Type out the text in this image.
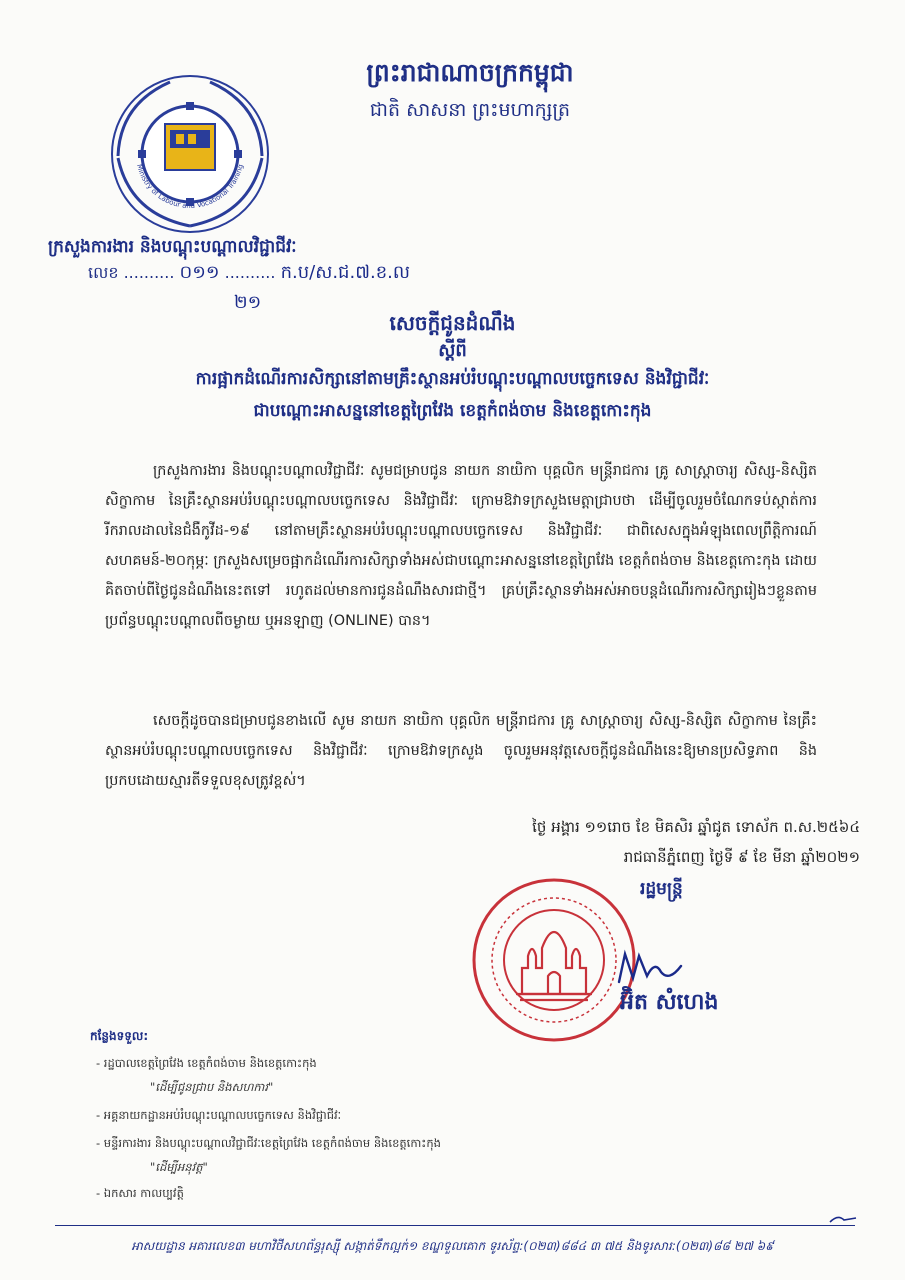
ព្រះរាជាណាចក្រកម្ពុជា
ជាតិ សាសនា ព្រះមហាក្សត្រ
Ministry of Labour and Vocational Training
ក្រសួងការងារ និងបណ្តុះបណ្តាលវិជ្ជាជីវៈ
លេខ .......... ០១១ .......... ក.ប/ស.ជ.៧.ខ.ល
២១
សេចក្តីជូនដំណឹង
ស្តីពី
ការផ្អាកដំណើរការសិក្សានៅតាមគ្រឹះស្ថានអប់រំបណ្តុះបណ្តាលបច្ចេកទេស និងវិជ្ជាជីវៈ
ជាបណ្តោះអាសន្ននៅខេត្តព្រៃវែង ខេត្តកំពង់ចាម និងខេត្តកោះកុង
ក្រសួងការងារ និងបណ្តុះបណ្តាលវិជ្ជាជីវៈ សូមជម្រាបជូន នាយក នាយិកា បុគ្គលិក មន្ត្រីរាជការ គ្រូ សាស្ត្រាចារ្យ សិស្ស-និស្សិត សិក្ខាកាម នៃគ្រឹះស្ថានអប់រំបណ្តុះបណ្តាលបច្ចេកទេស និងវិជ្ជាជីវៈ ក្រោមឱវាទក្រសួងមេត្តាជ្រាបថា ដើម្បីចូលរួមចំណែកទប់ស្កាត់ការរីករាលដាលនៃជំងឺកូវីដ-១៩ នៅតាមគ្រឹះស្ថានអប់រំបណ្តុះបណ្តាលបច្ចេកទេស និងវិជ្ជាជីវៈ ជាពិសេសក្នុងអំឡុងពេលព្រឹត្តិការណ៍សហគមន៍-២០កុម្ភៈ ក្រសួងសម្រេចផ្អាកដំណើរការសិក្សាទាំងអស់ជាបណ្តោះអាសន្ននៅខេត្តព្រៃវែង ខេត្តកំពង់ចាម និងខេត្តកោះកុង ដោយគិតចាប់ពីថ្ងៃជូនដំណឹងនេះតទៅ រហូតដល់មានការជូនដំណឹងសារជាថ្មី។ គ្រប់គ្រឹះស្ថានទាំងអស់អាចបន្តដំណើរការសិក្សារៀងៗខ្លួនតាមប្រព័ន្ធបណ្តុះបណ្តាលពីចម្ងាយ ឬអនឡាញ (ONLINE) បាន។
សេចក្តីដូចបានជម្រាបជូនខាងលើ សូម នាយក នាយិកា បុគ្គលិក មន្ត្រីរាជការ គ្រូ សាស្ត្រាចារ្យ សិស្ស-និស្សិត សិក្ខាកាម នៃគ្រឹះស្ថានអប់រំបណ្តុះបណ្តាលបច្ចេកទេស និងវិជ្ជាជីវៈ ក្រោមឱវាទក្រសួង ចូលរួមអនុវត្តសេចក្តីជូនដំណឹងនេះឱ្យមានប្រសិទ្ធភាព និងប្រកបដោយស្មារតីទទួលខុសត្រូវខ្ពស់។
ថ្ងៃ អង្គារ ១១រោច ខែ មិគសិរ ឆ្នាំជូត ទោស័ក ព.ស.២៥៦៤
រាជធានីភ្នំពេញ ថ្ងៃទី ៩ ខែ មីនា ឆ្នាំ២០២១
រដ្ឋមន្ត្រី
អ៊ិត សំហេង
កន្លែងទទួល:
- រដ្ឋបាលខេត្តព្រៃវែង ខេត្តកំពង់ចាម និងខេត្តកោះកុង
"ដើម្បីជូនជ្រាប និងសហការ"
- អគ្គនាយកដ្ឋានអប់រំបណ្តុះបណ្តាលបច្ចេកទេស និងវិជ្ជាជីវៈ
- មន្ទីរការងារ និងបណ្តុះបណ្តាលវិជ្ជាជីវៈខេត្តព្រៃវែង ខេត្តកំពង់ចាម និងខេត្តកោះកុង
"ដើម្បីអនុវត្ត"
- ឯកសារ កាលប្បវត្តិ
អាសយដ្ឋាន អគារលេខ៣ មហាវិថីសហព័ន្ធរុស្ស៊ី សង្កាត់ទឹកល្អក់១ ខណ្ឌទួលគោក ទូរស័ព្ទ:(០២៣)៨៨៤ ៣ ៧៥ និងទូរសារ:(០២៣)៨៨ ២៧ ៦៩
